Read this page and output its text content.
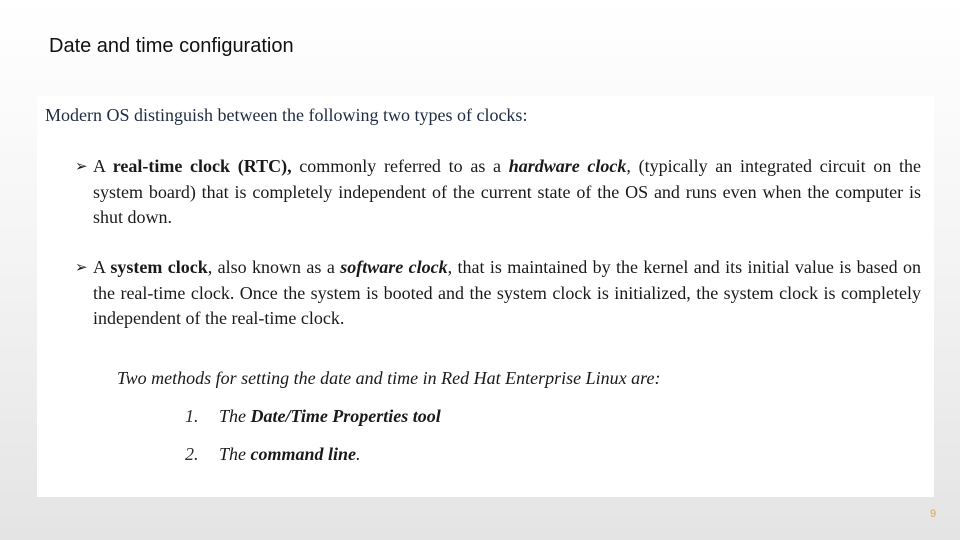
Date and time configuration

Modern OS distinguish between the following two types of clocks:

➢ A real-time clock (RTC), commonly referred to as a hardware clock, (typically an integrated circuit on the system board) that is completely independent of the current state of the OS and runs even when the computer is shut down.

➢ A system clock, also known as a software clock, that is maintained by the kernel and its initial value is based on the real-time clock. Once the system is booted and the system clock is initialized, the system clock is completely independent of the real-time clock.

Two methods for setting the date and time in Red Hat Enterprise Linux are:

1. The Date/Time Properties tool

2. The command line.

9
